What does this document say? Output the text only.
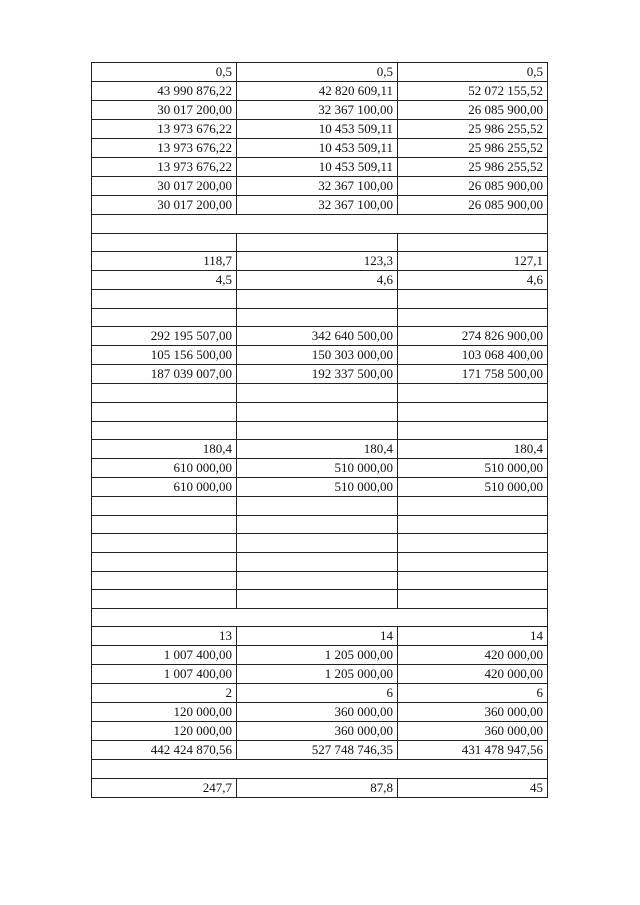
0,5	0,5	0,5
43 990 876,22	42 820 609,11	52 072 155,52
30 017 200,00	32 367 100,00	26 085 900,00
13 973 676,22	10 453 509,11	25 986 255,52
13 973 676,22	10 453 509,11	25 986 255,52
13 973 676,22	10 453 509,11	25 986 255,52
30 017 200,00	32 367 100,00	26 085 900,00
30 017 200,00	32 367 100,00	26 085 900,00

118,7	123,3	127,1
4,5	4,6	4,6

292 195 507,00	342 640 500,00	274 826 900,00
105 156 500,00	150 303 000,00	103 068 400,00
187 039 007,00	192 337 500,00	171 758 500,00

180,4	180,4	180,4
610 000,00	510 000,00	510 000,00
610 000,00	510 000,00	510 000,00

13	14	14
1 007 400,00	1 205 000,00	420 000,00
1 007 400,00	1 205 000,00	420 000,00
2	6	6
120 000,00	360 000,00	360 000,00
120 000,00	360 000,00	360 000,00
442 424 870,56	527 748 746,35	431 478 947,56

247,7	87,8	45
